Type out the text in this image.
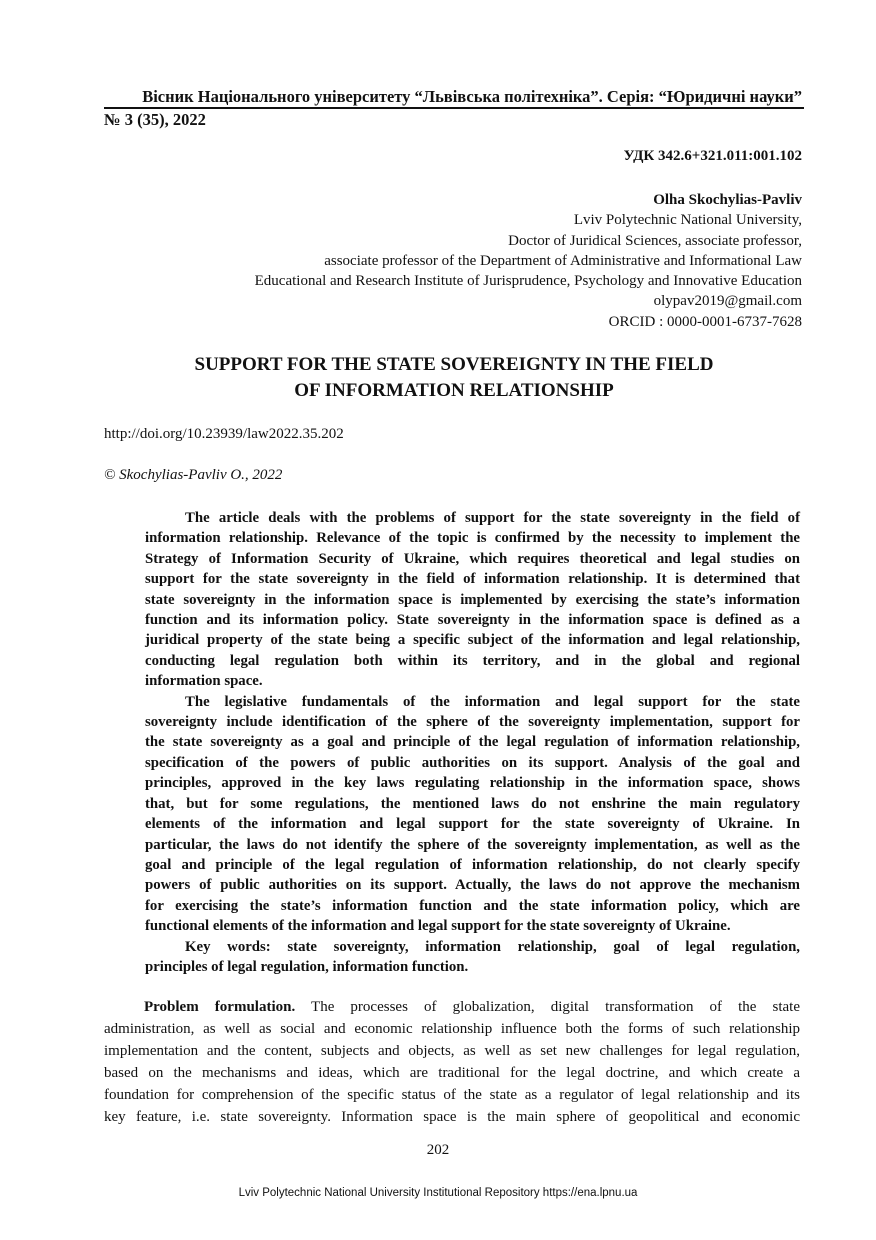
Вісник Національного університету “Львівська політехніка”. Серія: “Юридичні науки”
№ 3 (35), 2022
УДК 342.6+321.011:001.102
Olha Skochylias-Pavliv
Lviv Polytechnic National University,
Doctor of Juridical Sciences, associate professor,
associate professor of the Department of Administrative and Informational Law
Educational and Research Institute of Jurisprudence, Psychology and Innovative Education
olypav2019@gmail.com
ORCID : 0000-0001-6737-7628
SUPPORT FOR THE STATE SOVEREIGNTY IN THE FIELD
OF INFORMATION RELATIONSHIP
http://doi.org/10.23939/law2022.35.202
© Skochylias-Pavliv O., 2022
The article deals with the problems of support for the state sovereignty in the field of
information relationship. Relevance of the topic is confirmed by the necessity to implement the
Strategy of Information Security of Ukraine, which requires theoretical and legal studies on
support for the state sovereignty in the field of information relationship. It is determined that
state sovereignty in the information space is implemented by exercising the state’s information
function and its information policy. State sovereignty in the information space is defined as a
juridical property of the state being a specific subject of the information and legal relationship,
conducting legal regulation both within its territory, and in the global and regional
information space.
The legislative fundamentals of the information and legal support for the state
sovereignty include identification of the sphere of the sovereignty implementation, support for
the state sovereignty as a goal and principle of the legal regulation of information relationship,
specification of the powers of public authorities on its support. Analysis of the goal and
principles, approved in the key laws regulating relationship in the information space, shows
that, but for some regulations, the mentioned laws do not enshrine the main regulatory
elements of the information and legal support for the state sovereignty of Ukraine. In
particular, the laws do not identify the sphere of the sovereignty implementation, as well as the
goal and principle of the legal regulation of information relationship, do not clearly specify
powers of public authorities on its support. Actually, the laws do not approve the mechanism
for exercising the state’s information function and the state information policy, which are
functional elements of the information and legal support for the state sovereignty of Ukraine.
Key words: state sovereignty, information relationship, goal of legal regulation,
principles of legal regulation, information function.
Problem formulation. The processes of globalization, digital transformation of the state
administration, as well as social and economic relationship influence both the forms of such relationship
implementation and the content, subjects and objects, as well as set new challenges for legal regulation,
based on the mechanisms and ideas, which are traditional for the legal doctrine, and which create a
foundation for comprehension of the specific status of the state as a regulator of legal relationship and its
key feature, i.e. state sovereignty. Information space is the main sphere of geopolitical and economic
202
Lviv Polytechnic National University Institutional Repository https://ena.lpnu.ua
